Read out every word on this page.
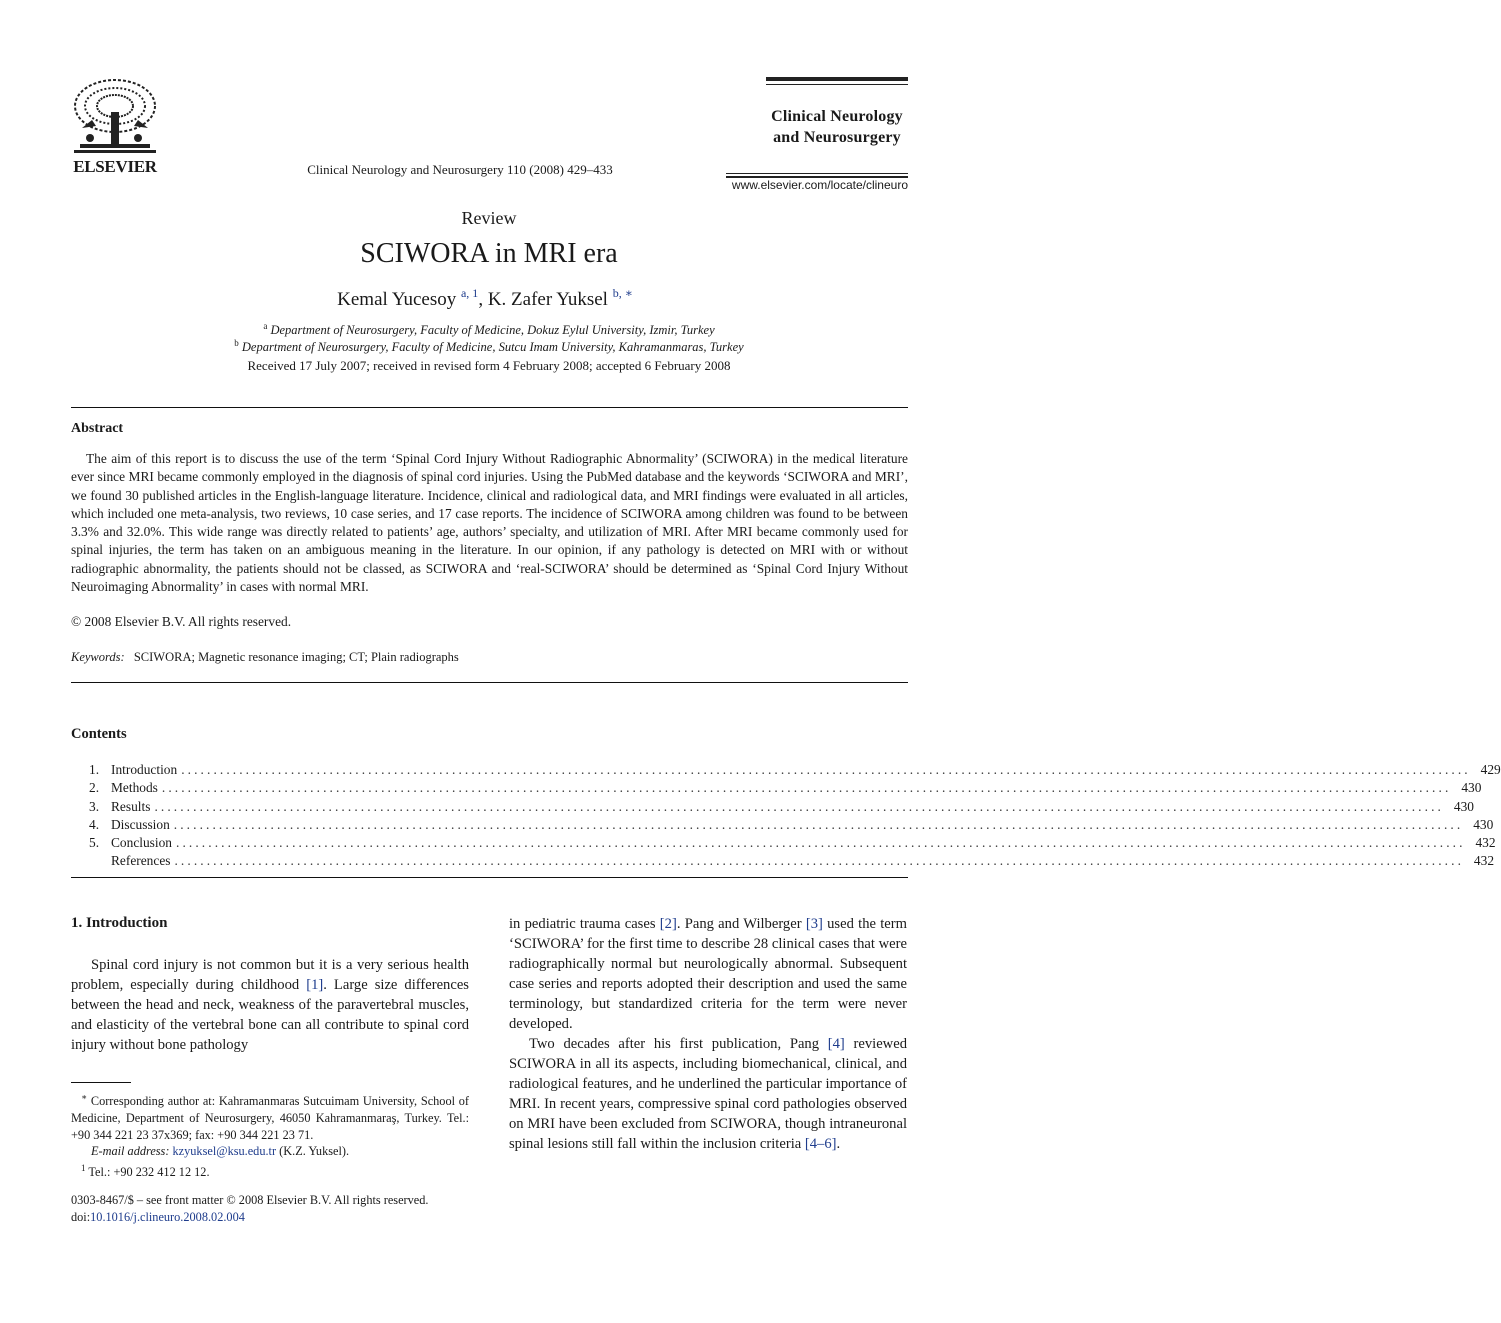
ELSEVIER	Clinical Neurology and Neurosurgery 110 (2008) 429–433
Clinical Neurology
and Neurosurgery
www.elsevier.com/locate/clineuro
Review
SCIWORA in MRI era
Kemal Yucesoy $^{a, 1}$, K. Zafer Yuksel $^{b, ∗}$
$^a$ Department of Neurosurgery, Faculty of Medicine, Dokuz Eylul University, Izmir, Turkey
$^b$ Department of Neurosurgery, Faculty of Medicine, Sutcu Imam University, Kahramanmaras, Turkey
Received 17 July 2007; received in revised form 4 February 2008; accepted 6 February 2008
Abstract
The aim of this report is to discuss the use of the term ‘Spinal Cord Injury Without Radiographic Abnormality’ (SCIWORA) in the medical literature ever since MRI became commonly employed in the diagnosis of spinal cord injuries. Using the PubMed database and the keywords ‘SCIWORA and MRI’, we found 30 published articles in the English-language literature. Incidence, clinical and radiological data, and MRI findings were evaluated in all articles, which included one meta-analysis, two reviews, 10 case series, and 17 case reports. The incidence of SCIWORA among children was found to be between 3.3% and 32.0%. This wide range was directly related to patients’ age, authors’ specialty, and utilization of MRI. After MRI became commonly used for spinal injuries, the term has taken on an ambiguous meaning in the literature. In our opinion, if any pathology is detected on MRI with or without radiographic abnormality, the patients should not be classed, as SCIWORA and ‘real-SCIWORA’ should be determined as ‘Spinal Cord Injury Without Neuroimaging Abnormality’ in cases with normal MRI.
© 2008 Elsevier B.V. All rights reserved.
Keywords: SCIWORA; Magnetic resonance imaging; CT; Plain radiographs
Contents
1. Introduction ........................................................................................................................................................................................................ 429
2. Methods ........................................................................................................................................................................................................ 430
3. Results ........................................................................................................................................................................................................ 430
4. Discussion ........................................................................................................................................................................................................ 430
5. Conclusion ........................................................................................................................................................................................................ 432
References ........................................................................................................................................................................................................ 432
1. Introduction
Spinal cord injury is not common but it is a very serious health problem, especially during childhood [1]. Large size differences between the head and neck, weakness of the paravertebral muscles, and elasticity of the vertebral bone can all contribute to spinal cord injury without bone pathology
in pediatric trauma cases [2]. Pang and Wilberger [3] used the term ‘SCIWORA’ for the first time to describe 28 clinical cases that were radiographically normal but neurologically abnormal. Subsequent case series and reports adopted their description and used the same terminology, but standardized criteria for the term were never developed.
Two decades after his first publication, Pang [4] reviewed SCIWORA in all its aspects, including biomechanical, clinical, and radiological features, and he underlined the particular importance of MRI. In recent years, compressive spinal cord pathologies observed on MRI have been excluded from SCIWORA, though intraneuronal spinal lesions still fall within the inclusion criteria [4–6].
∗ Corresponding author at: Kahramanmaras Sutcuimam University, School of Medicine, Department of Neurosurgery, 46050 Kahramanmaraş, Turkey. Tel.: +90 344 221 23 37x369; fax: +90 344 221 23 71.
E-mail address: kzyuksel@ksu.edu.tr (K.Z. Yuksel).
$^1$ Tel.: +90 232 412 12 12.
0303-8467/$ – see front matter © 2008 Elsevier B.V. All rights reserved.
doi:10.1016/j.clineuro.2008.02.004
